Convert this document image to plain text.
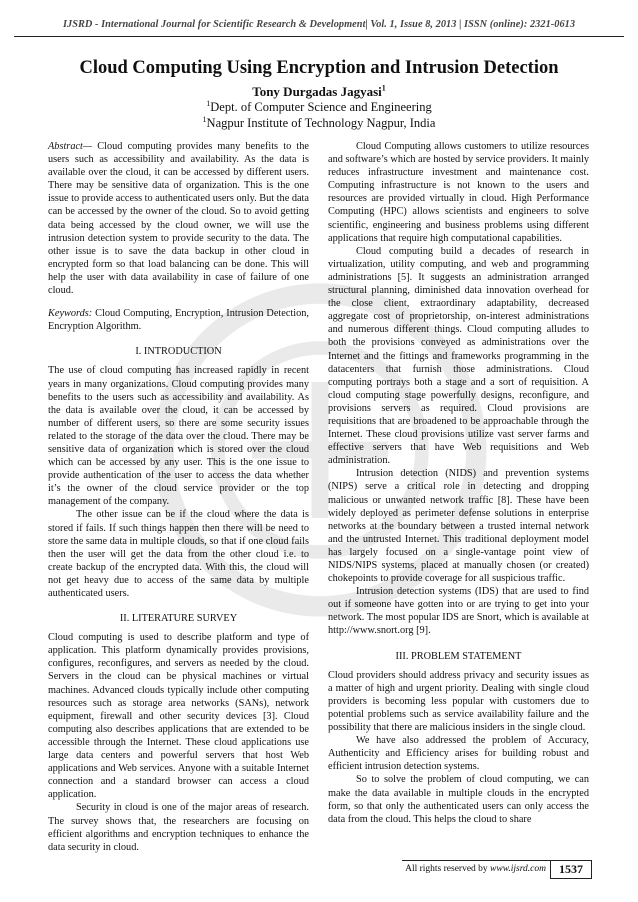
IJSRD - International Journal for Scientific Research & Development| Vol. 1, Issue 8, 2013 | ISSN (online): 2321-0613
Cloud Computing Using Encryption and Intrusion Detection
Tony Durgadas Jagyasi$^1$
$^1$Dept. of Computer Science and Engineering
$^1$Nagpur Institute of Technology Nagpur, India

Abstract— Cloud computing provides many benefits to the users such as accessibility and availability. As the data is available over the cloud, it can be accessed by different users. There may be sensitive data of organization. This is the one issue to provide access to authenticated users only. But the data can be accessed by the owner of the cloud. So to avoid getting data being accessed by the cloud owner, we will use the intrusion detection system to provide security to the data. The other issue is to save the data backup in other cloud in encrypted form so that load balancing can be done. This will help the user with data availability in case of failure of one cloud.

Keywords: Cloud Computing, Encryption, Intrusion Detection, Encryption Algorithm.

I. INTRODUCTION

The use of cloud computing has increased rapidly in recent years in many organizations. Cloud computing provides many benefits to the users such as accessibility and availability. As the data is available over the cloud, it can be accessed by number of different users, so there are some security issues related to the storage of the data over the cloud. There may be sensitive data of organization which is stored over the cloud which can be accessed by any user. This is the one issue to provide authentication of the user to access the data whether it’s the owner of the cloud service provider or the top management of the company.

The other issue can be if the cloud where the data is stored if fails. If such things happen then there will be need to store the same data in multiple clouds, so that if one cloud fails then the user will get the data from the other cloud i.e. to create backup of the encrypted data. With this, the cloud will not get heavy due to access of the same data by multiple authenticated users.

II. LITERATURE SURVEY

Cloud computing is used to describe platform and type of application. This platform dynamically provides provisions, configures, reconfigures, and servers as needed by the cloud. Servers in the cloud can be physical machines or virtual machines. Advanced clouds typically include other computing resources such as storage area networks (SANs), network equipment, firewall and other security devices [3]. Cloud computing also describes applications that are extended to be accessible through the Internet. These cloud applications use large data centers and powerful servers that host Web applications and Web services. Anyone with a suitable Internet connection and a standard browser can access a cloud application.

Security in cloud is one of the major areas of research. The survey shows that, the researchers are focusing on efficient algorithms and encryption techniques to enhance the data security in cloud.

Cloud Computing allows customers to utilize resources and software’s which are hosted by service providers. It mainly reduces infrastructure investment and maintenance cost. Computing infrastructure is not known to the users and resources are provided virtually in cloud. High Performance Computing (HPC) allows scientists and engineers to solve scientific, engineering and business problems using different applications that require high computational capabilities.

Cloud computing build a decades of research in virtualization, utility computing, and web and programming administrations [5]. It suggests an administration arranged structural planning, diminished data innovation overhead for the close client, extraordinary adaptability, decreased aggregate cost of proprietorship, on-interest administrations and numerous different things. Cloud computing alludes to both the provisions conveyed as administrations over the Internet and the fittings and frameworks programming in the datacenters that furnish those administrations. Cloud computing portrays both a stage and a sort of requisition. A cloud computing stage powerfully designs, reconfigure, and provisions servers as required. Cloud provisions are requisitions that are broadened to be approachable through the Internet. These cloud provisions utilize vast server farms and effective servers that have Web requisitions and Web administration.

Intrusion detection (NIDS) and prevention systems (NIPS) serve a critical role in detecting and dropping malicious or unwanted network traffic [8]. These have been widely deployed as perimeter defense solutions in enterprise networks at the boundary between a trusted internal network and the untrusted Internet. This traditional deployment model has largely focused on a single-vantage point view of NIDS/NIPS systems, placed at manually chosen (or created) chokepoints to provide coverage for all suspicious traffic.

Intrusion detection systems (IDS) that are used to find out if someone have gotten into or are trying to get into your network. The most popular IDS are Snort, which is available at http://www.snort.org [9].

III. PROBLEM STATEMENT

Cloud providers should address privacy and security issues as a matter of high and urgent priority. Dealing with single cloud providers is becoming less popular with customers due to potential problems such as service availability failure and the possibility that there are malicious insiders in the single cloud.

We have also addressed the problem of Accuracy, Authenticity and Efficiency arises for building robust and efficient intrusion detection systems.

So to solve the problem of cloud computing, we can make the data available in multiple clouds in the encrypted form, so that only the authenticated users can only access the data from the cloud. This helps the cloud to share

All rights reserved by www.ijsrd.com	1537
